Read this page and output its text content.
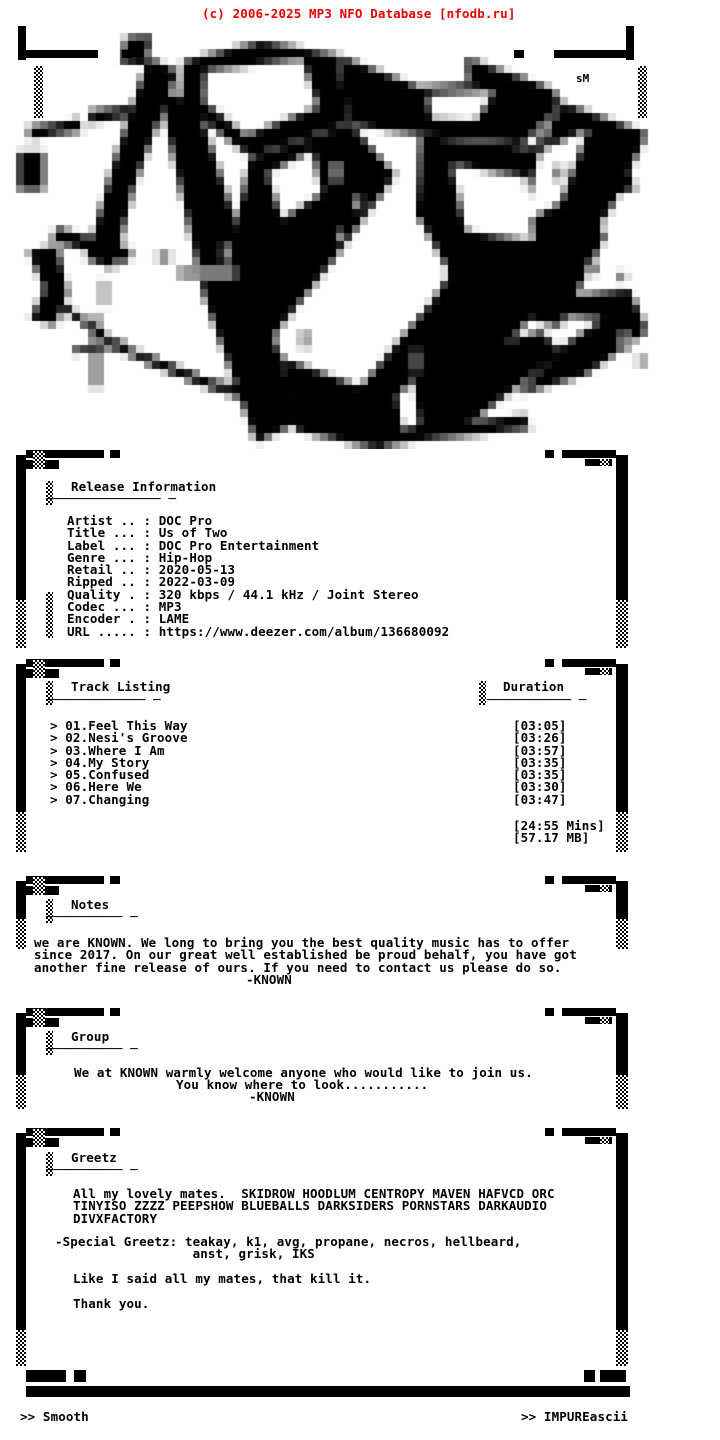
(c) 2006-2025 MP3 NFO Database [nfodb.ru]
sM
Release Information
─────────────── ─
Artist .. : DOC Pro
Title ... : Us of Two
Label ... : DOC Pro Entertainment
Genre ... : Hip-Hop
Retail .. : 2020-05-13
Ripped .. : 2022-03-09
Quality . : 320 kbps / 44.1 kHz / Joint Stereo
Codec ... : MP3
Encoder . : LAME
URL ..... : https://www.deezer.com/album/136680092
Track Listing
───────────── ─
Duration
─────────── ─
> 01.Feel This Way
> 02.Nesi's Groove
> 03.Where I Am
> 04.My Story
> 05.Confused
> 06.Here We
> 07.Changing
[03:05]
[03:26]
[03:57]
[03:35]
[03:35]
[03:30]
[03:47]
[24:55 Mins]
[57.17 MB]
Notes
────────── ─
we are KNOWN. We long to bring you the best quality music has to offer
since 2017. On our great well established be proud behalf, you have got
another fine release of ours. If you need to contact us please do so.
-KNOWN
Group
────────── ─
We at KNOWN warmly welcome anyone who would like to join us.
You know where to look...........
-KNOWN
Greetz
────────── ─
All my lovely mates.  SKIDROW HOODLUM CENTROPY MAVEN HAFVCD ORC
TINYISO ZZZZ PEEPSHOW BLUEBALLS DARKSIDERS PORNSTARS DARKAUDIO
DIVXFACTORY
-Special Greetz: teakay, k1, avg, propane, necros, hellbeard,
anst, grisk, IKS
Like I said all my mates, that kill it.
Thank you.
>> Smooth	>> IMPUREascii
